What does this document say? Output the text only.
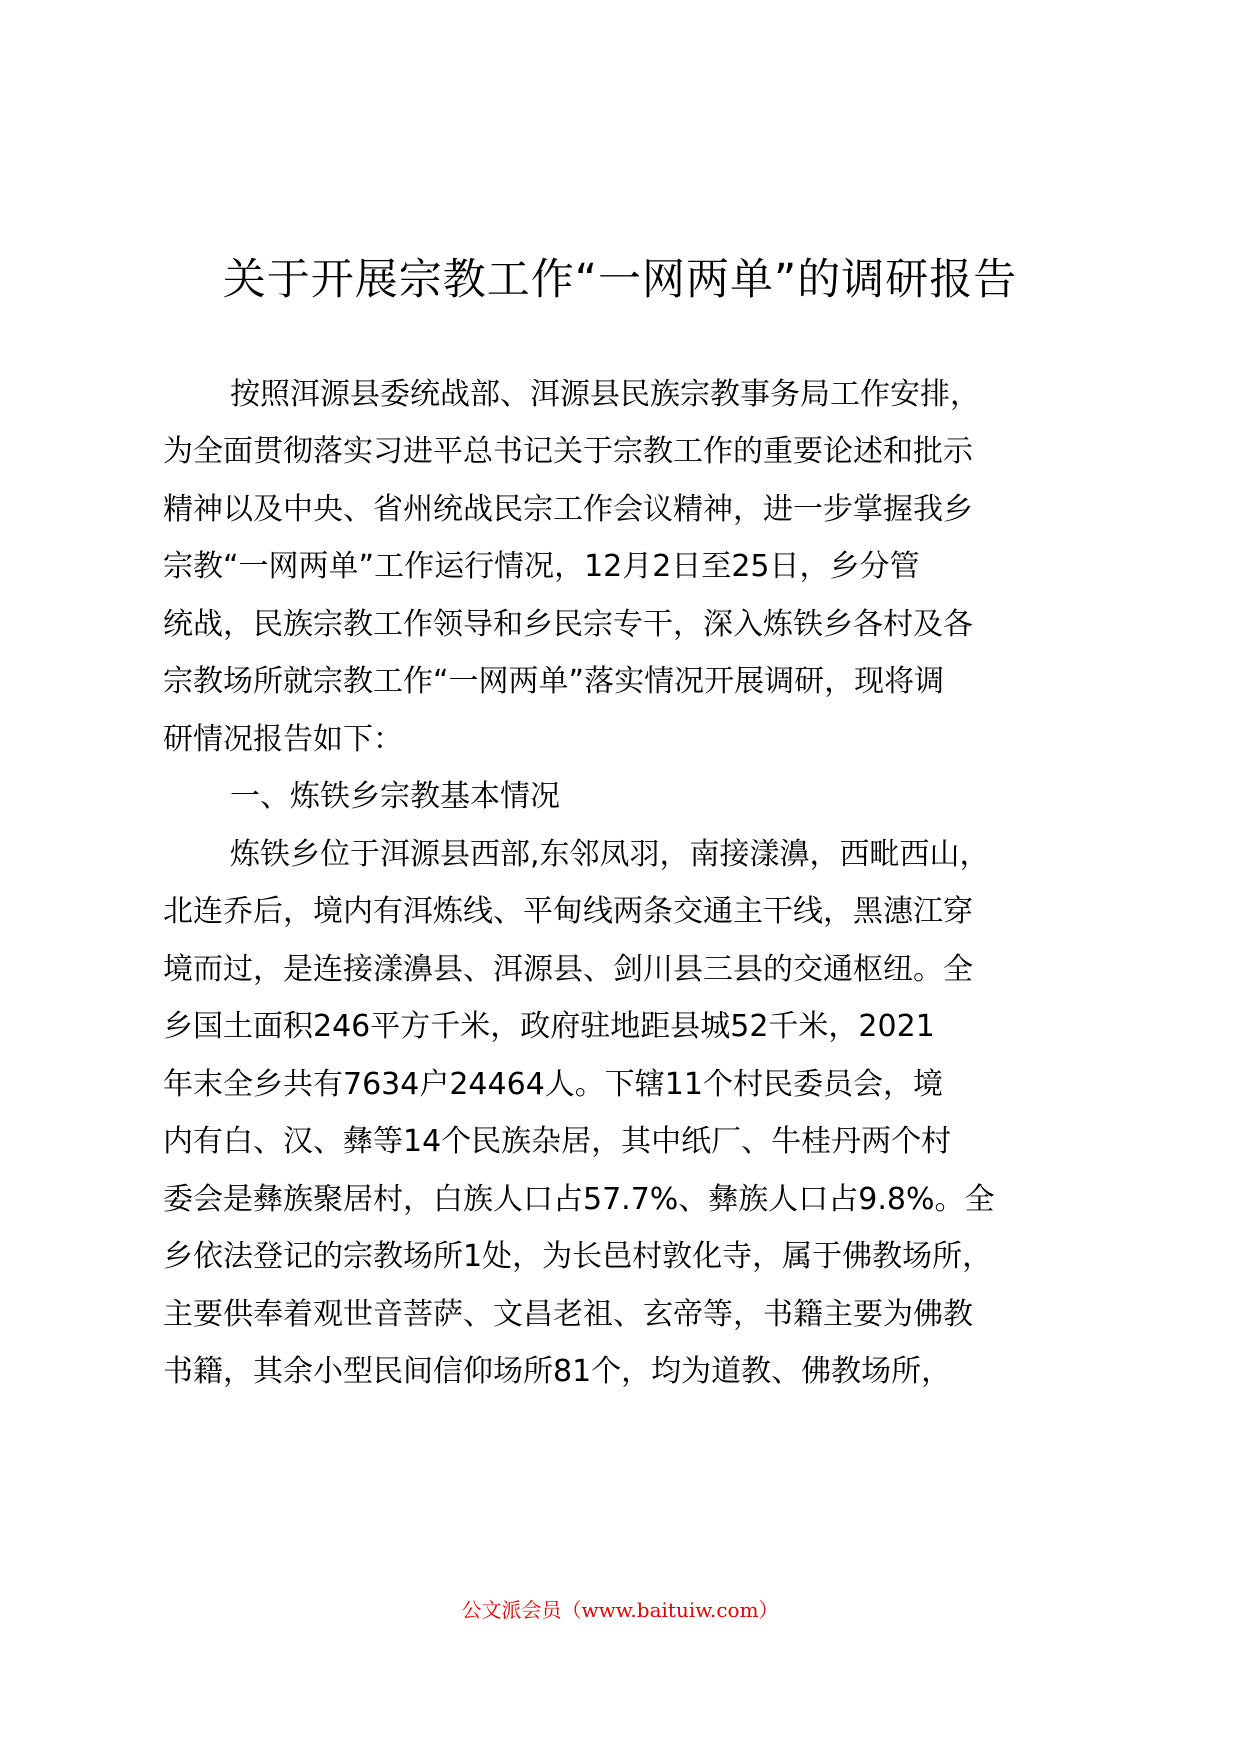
关于开展宗教工作“一网两单”的调研报告

按照洱源县委统战部、洱源县民族宗教事务局工作安排，

为全面贯彻落实习进平总书记关于宗教工作的重要论述和批示

精神以及中央、省州统战民宗工作会议精神，进一步掌握我乡

宗教“一网两单”工作运行情况，12月2日至25日，乡分管

统战，民族宗教工作领导和乡民宗专干，深入炼铁乡各村及各

宗教场所就宗教工作“一网两单”落实情况开展调研，现将调

研情况报告如下：

一、炼铁乡宗教基本情况

炼铁乡位于洱源县西部,东邻凤羽，南接漾濞，西毗西山，

北连乔后，境内有洱炼线、平甸线两条交通主干线，黑潓江穿

境而过，是连接漾濞县、洱源县、剑川县三县的交通枢纽。全

乡国土面积246平方千米，政府驻地距县城52千米，2021

年末全乡共有7634户24464人。下辖11个村民委员会，境

内有白、汉、彝等14个民族杂居，其中纸厂、牛桂丹两个村

委会是彝族聚居村，白族人口占57.7%、彝族人口占9.8%。全

乡依法登记的宗教场所1处，为长邑村敦化寺，属于佛教场所，

主要供奉着观世音菩萨、文昌老祖、玄帝等，书籍主要为佛教

书籍，其余小型民间信仰场所81个，均为道教、佛教场所，

公文派会员（www.baituiw.com）
